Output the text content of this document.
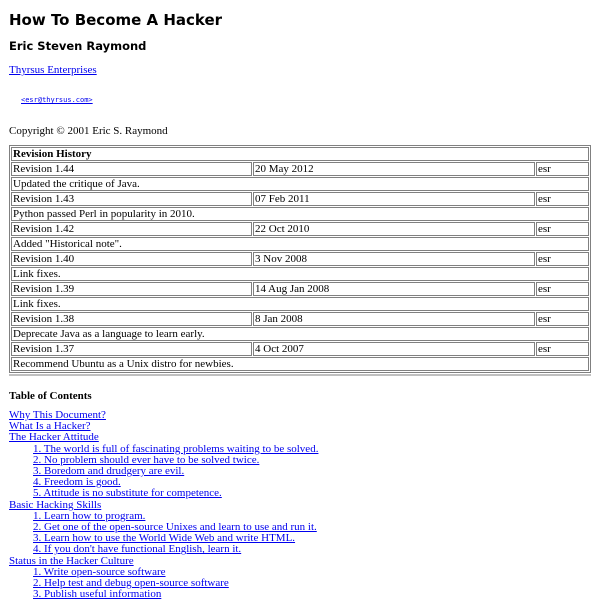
How To Become A Hacker
Eric Steven Raymond
Thyrsus Enterprises
<esr@thyrsus.com>
Copyright © 2001 Eric S. Raymond
Revision History		
Revision 1.44	20 May 2012	esr
Updated the critique of Java.		
Revision 1.43	07 Feb 2011	esr
Python passed Perl in popularity in 2010.		
Revision 1.42	22 Oct 2010	esr
Added "Historical note".		
Revision 1.40	3 Nov 2008	esr
Link fixes.		
Revision 1.39	14 Aug Jan 2008	esr
Link fixes.		
Revision 1.38	8 Jan 2008	esr
Deprecate Java as a language to learn early.		
Revision 1.37	4 Oct 2007	esr
Recommend Ubuntu as a Unix distro for newbies.		
Table of Contents
Why This Document?
What Is a Hacker?
The Hacker Attitude
1. The world is full of fascinating problems waiting to be solved.
2. No problem should ever have to be solved twice.
3. Boredom and drudgery are evil.
4. Freedom is good.
5. Attitude is no substitute for competence.
Basic Hacking Skills
1. Learn how to program.
2. Get one of the open-source Unixes and learn to use and run it.
3. Learn how to use the World Wide Web and write HTML.
4. If you don't have functional English, learn it.
Status in the Hacker Culture
1. Write open-source software
2. Help test and debug open-source software
3. Publish useful information
